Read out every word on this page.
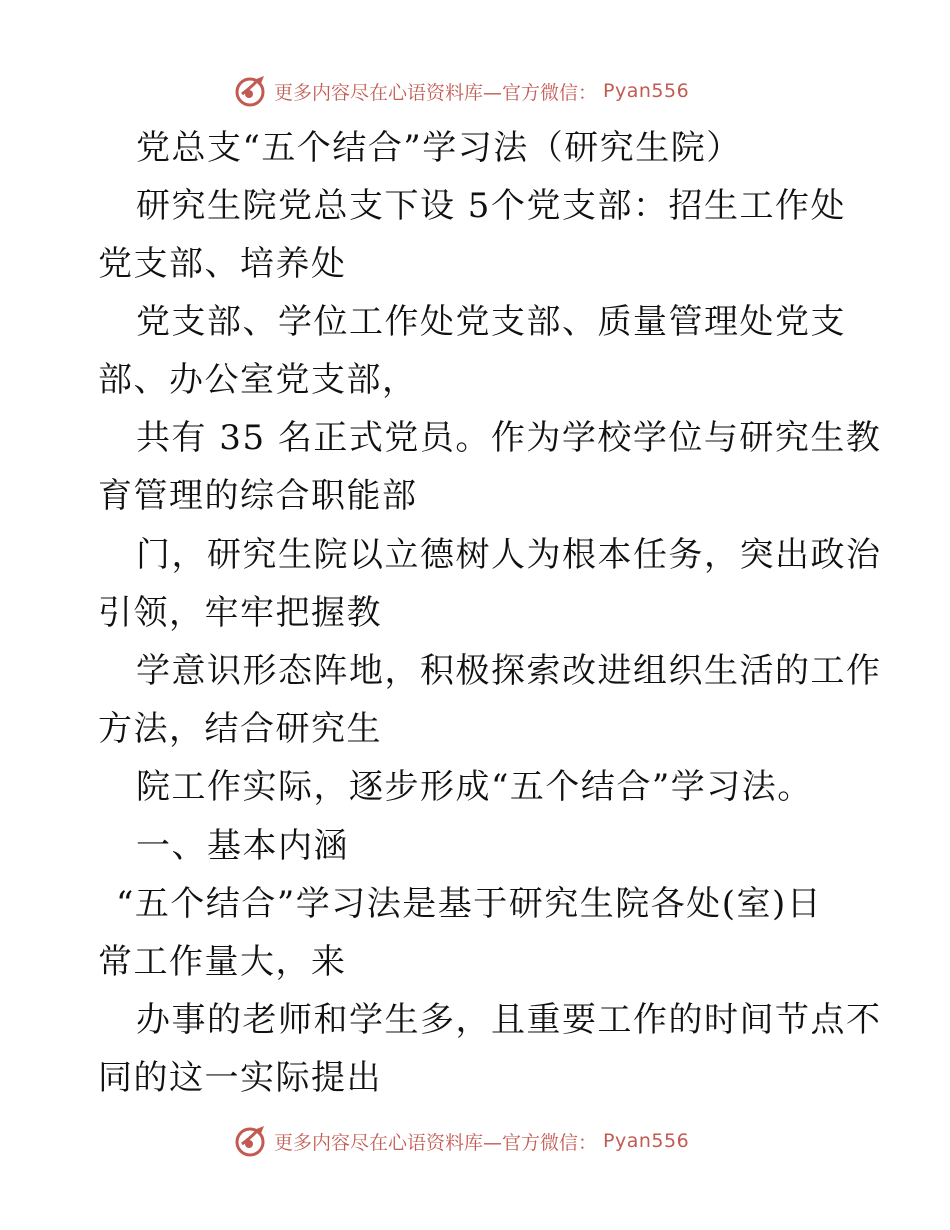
更多内容尽在心语资料库—官方微信： Pyan556
党总支“五个结合”学习法（研究生院）
研究生院党总支下设 5个党支部：招生工作处
党支部、培养处
党支部、学位工作处党支部、质量管理处党支
部、办公室党支部，
共有 35 名正式党员。作为学校学位与研究生教
育管理的综合职能部
门，研究生院以立德树人为根本任务，突出政治
引领，牢牢把握教
学意识形态阵地，积极探索改进组织生活的工作
方法，结合研究生
院工作实际，逐步形成“五个结合”学习法。
一、基本内涵
“五个结合”学习法是基于研究生院各处(室)日
常工作量大，来
办事的老师和学生多，且重要工作的时间节点不
同的这一实际提出
更多内容尽在心语资料库—官方微信： Pyan556
